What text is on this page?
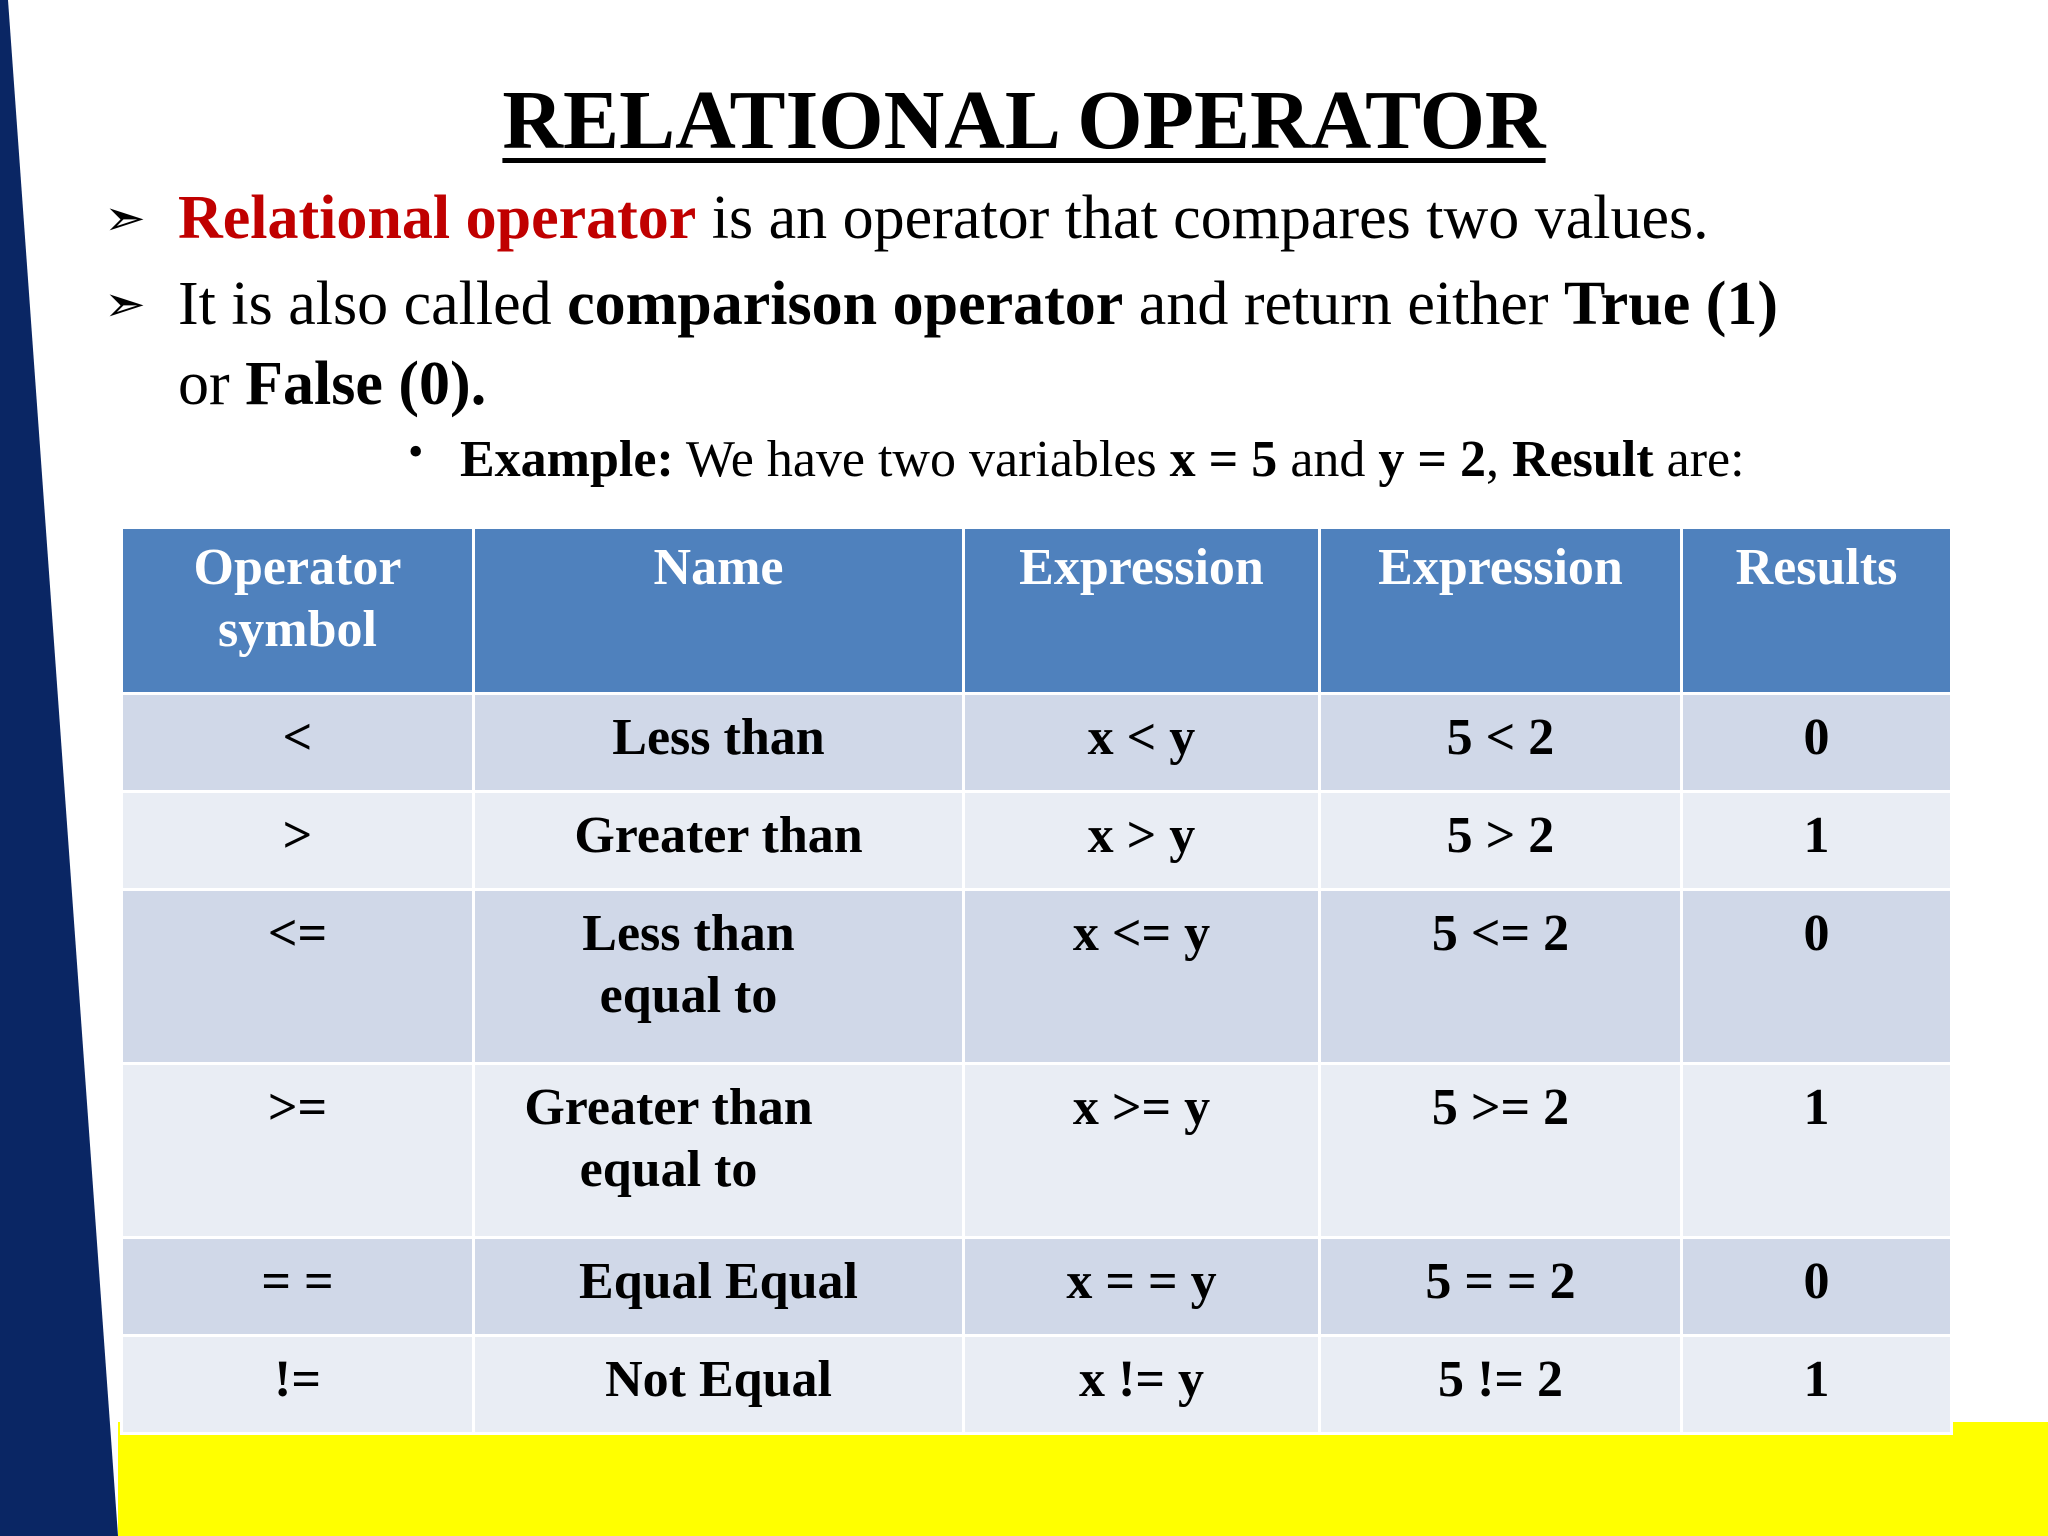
RELATIONAL OPERATOR
➣ Relational operator is an operator that compares two values.
➣ It is also called comparison operator and return either True (1)
or False (0).
• Example: We have two variables x = 5 and y = 2, Result are:
Operator symbol	Name	Expression	Expression	Results
<	Less than	x < y	5 < 2	0
>	Greater than	x > y	5 > 2	1
<=	Less than equal to	x <= y	5 <= 2	0
>=	Greater than equal to	x >= y	5 >= 2	1
= =	Equal Equal	x = = y	5 = = 2	0
!=	Not Equal	x != y	5 != 2	1
